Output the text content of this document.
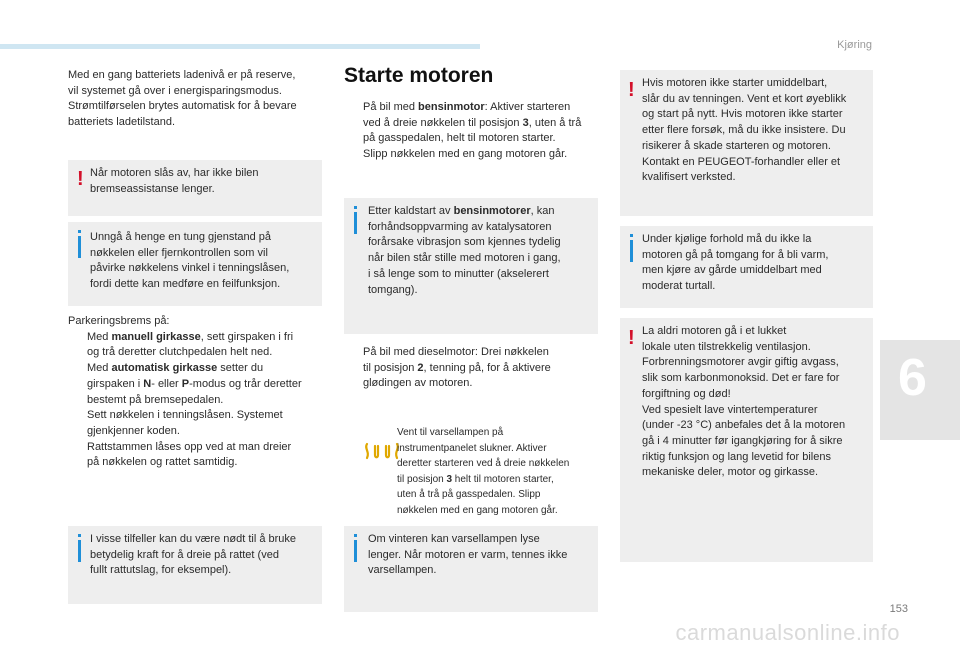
Kjøring
6
153
carmanualsonline.info
Med en gang batteriets ladenivå er på reserve,
vil systemet gå over i energisparingsmodus.
Strømtilførselen brytes automatisk for å bevare
batteriets ladetilstand.
! Når motoren slås av, har ikke bilen
bremseassistanse lenger.
Unngå å henge en tung gjenstand på
nøkkelen eller fjernkontrollen som vil
påvirke nøkkelens vinkel i tenningslåsen,
fordi dette kan medføre en feilfunksjon.
Parkeringsbrems på:
Med manuell girkasse, sett girspaken i fri
og trå deretter clutchpedalen helt ned.
Med automatisk girkasse setter du
girspaken i N- eller P-modus og trår deretter
bestemt på bremsepedalen.
Sett nøkkelen i tenningslåsen. Systemet
gjenkjenner koden.
Rattstammen låses opp ved at man dreier
på nøkkelen og rattet samtidig.
I visse tilfeller kan du være nødt til å bruke
betydelig kraft for å dreie på rattet (ved
fullt rattutslag, for eksempel).
Starte motoren
På bil med bensinmotor: Aktiver starteren
ved å dreie nøkkelen til posisjon 3, uten å trå
på gasspedalen, helt til motoren starter.
Slipp nøkkelen med en gang motoren går.
Etter kaldstart av bensinmotorer, kan
forhåndsoppvarming av katalysatoren
forårsake vibrasjon som kjennes tydelig
når bilen står stille med motoren i gang,
i så lenge som to minutter (akselerert
tomgang).
På bil med dieselmotor: Drei nøkkelen
til posisjon 2, tenning på, for å aktivere
glødingen av motoren.
Vent til varsellampen på
instrumentpanelet slukner. Aktiver
deretter starteren ved å dreie nøkkelen
til posisjon 3 helt til motoren starter,
uten å trå på gasspedalen. Slipp
nøkkelen med en gang motoren går.
Om vinteren kan varsellampen lyse
lenger. Når motoren er varm, tennes ikke
varsellampen.
! Hvis motoren ikke starter umiddelbart,
slår du av tenningen. Vent et kort øyeblikk
og start på nytt. Hvis motoren ikke starter
etter flere forsøk, må du ikke insistere. Du
risikerer å skade starteren og motoren.
Kontakt en PEUGEOT-forhandler eller et
kvalifisert verksted.
Under kjølige forhold må du ikke la
motoren gå på tomgang for å bli varm,
men kjøre av gårde umiddelbart med
moderat turtall.
! La aldri motoren gå i et lukket
lokale uten tilstrekkelig ventilasjon.
Forbrenningsmotorer avgir giftig avgass,
slik som karbonmonoksid. Det er fare for
forgiftning og død!
Ved spesielt lave vintertemperaturer
(under -23 °C) anbefales det å la motoren
gå i 4 minutter før igangkjøring for å sikre
riktig funksjon og lang levetid for bilens
mekaniske deler, motor og girkasse.
